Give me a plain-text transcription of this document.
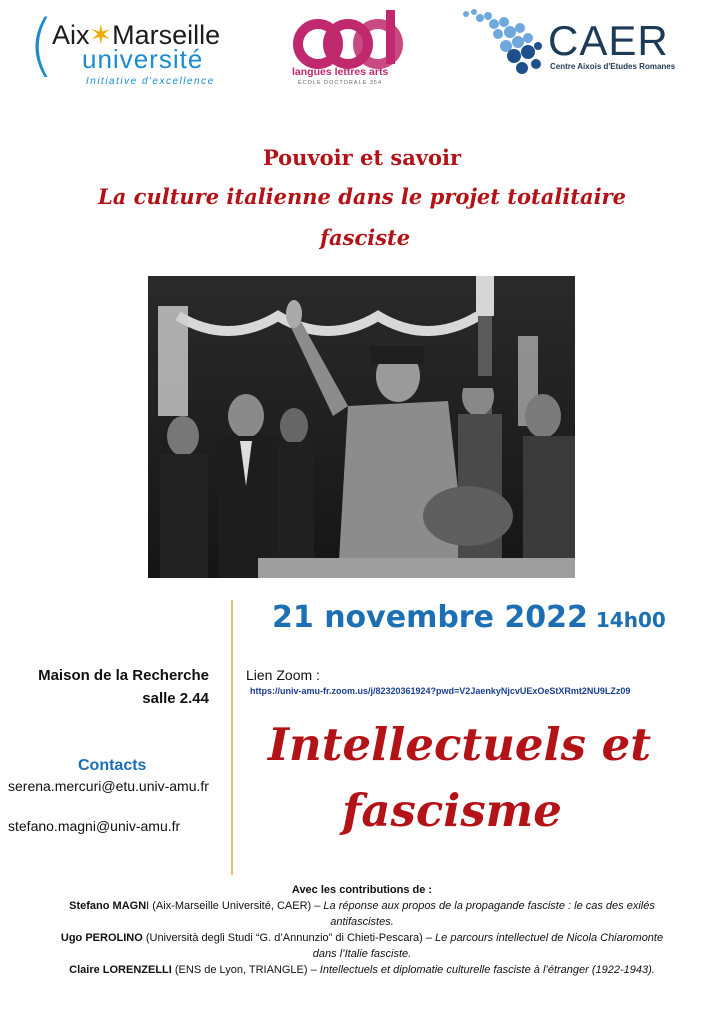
(
Aix✶Marseille
université
Initiative d'excellence
langues lettres arts
ÉCOLE DOCTORALE 354
CAER
Centre Aixois d'Etudes Romanes
Pouvoir et savoir
La culture italienne dans le projet totalitaire
fasciste
21 novembre 2022 14h00
Maison de la Recherche
salle 2.44
Lien Zoom :
https://univ-amu-fr.zoom.us/j/82320361924?pwd=V2JaenkyNjcvUExOeStXRmt2NU9LZz09
Contacts
serena.mercuri@etu.univ-amu.fr
stefano.magni@univ-amu.fr
Intellectuels et
fascisme
Avec les contributions de :
Stefano MAGNI (Aix-Marseille Université, CAER) – La réponse aux propos de la propagande fasciste : le cas des exilés antifascistes.
Ugo PEROLINO (Università degli Studi “G. d’Annunzio” di Chieti-Pescara) – Le parcours intellectuel de Nicola Chiaromonte dans l’Italie fasciste.
Claire LORENZELLI (ENS de Lyon, TRIANGLE) – Intellectuels et diplomatie culturelle fasciste à l’étranger (1922-1943).
